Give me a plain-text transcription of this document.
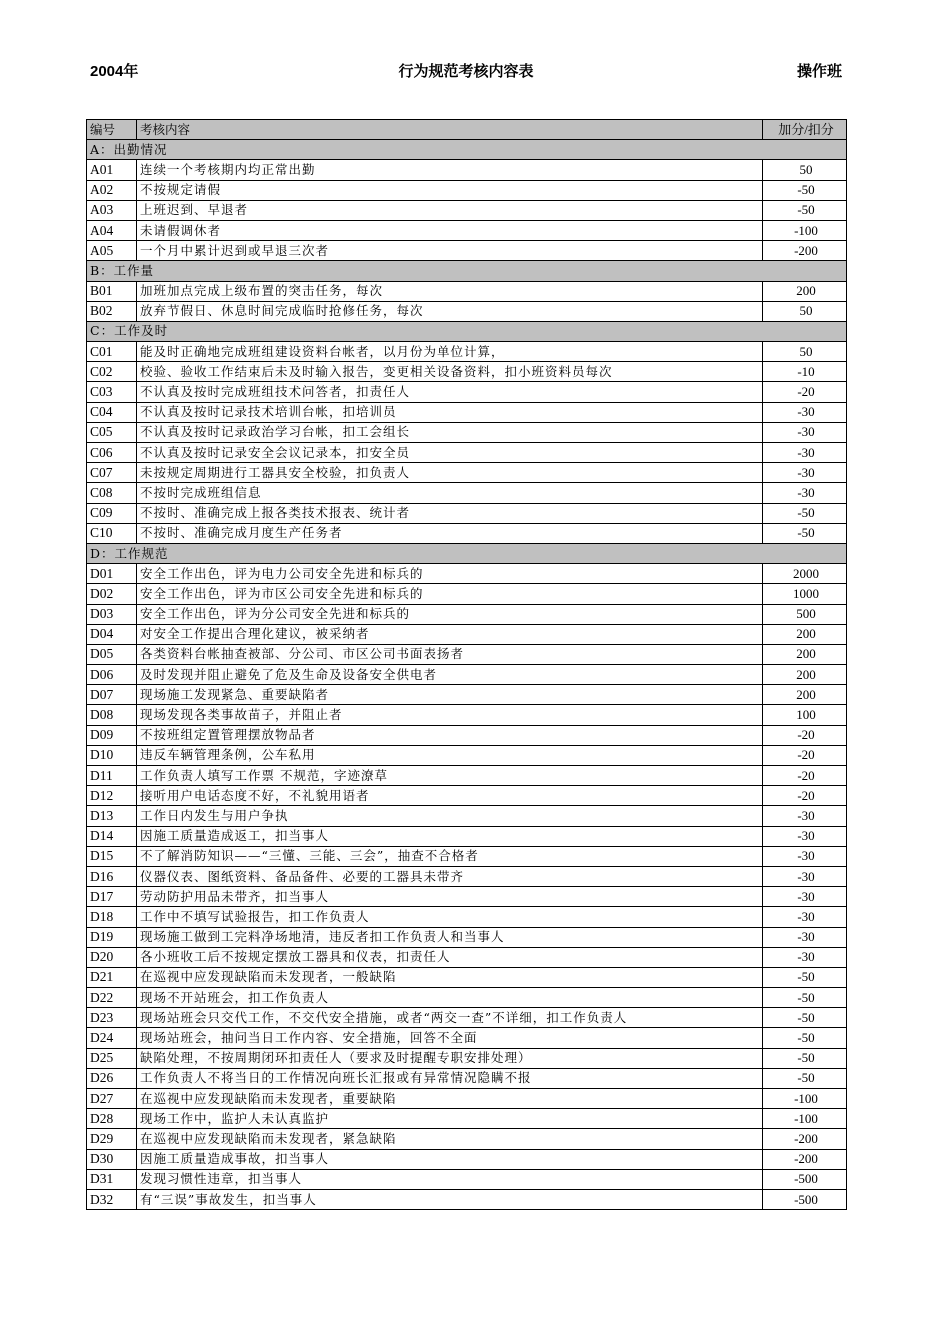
2004年	行为规范考核内容表	操作班
编号	考核内容	加分/扣分
A：出勤情况		
A01	连续一个考核期内均正常出勤	50
A02	不按规定请假	-50
A03	上班迟到、早退者	-50
A04	未请假调休者	-100
A05	一个月中累计迟到或早退三次者	-200
B：工作量		
B01	加班加点完成上级布置的突击任务，每次	200
B02	放弃节假日、休息时间完成临时抢修任务，每次	50
C：工作及时		
C01	能及时正确地完成班组建设资料台帐者，以月份为单位计算，	50
C02	校验、验收工作结束后未及时输入报告，变更相关设备资料，扣小班资料员每次	-10
C03	不认真及按时完成班组技术问答者，扣责任人	-20
C04	不认真及按时记录技术培训台帐，扣培训员	-30
C05	不认真及按时记录政治学习台帐，扣工会组长	-30
C06	不认真及按时记录安全会议记录本，扣安全员	-30
C07	未按规定周期进行工器具安全校验，扣负责人	-30
C08	不按时完成班组信息	-30
C09	不按时、准确完成上报各类技术报表、统计者	-50
C10	不按时、准确完成月度生产任务者	-50
D：工作规范		
D01	安全工作出色，评为电力公司安全先进和标兵的	2000
D02	安全工作出色，评为市区公司安全先进和标兵的	1000
D03	安全工作出色，评为分公司安全先进和标兵的	500
D04	对安全工作提出合理化建议，被采纳者	200
D05	各类资料台帐抽查被部、分公司、市区公司书面表扬者	200
D06	及时发现并阻止避免了危及生命及设备安全供电者	200
D07	现场施工发现紧急、重要缺陷者	200
D08	现场发现各类事故苗子，并阻止者	100
D09	不按班组定置管理摆放物品者	-20
D10	违反车辆管理条例，公车私用	-20
D11	工作负责人填写工作票 不规范，字迹潦草	-20
D12	接听用户电话态度不好，不礼貌用语者	-20
D13	工作日内发生与用户争执	-30
D14	因施工质量造成返工，扣当事人	-30
D15	不了解消防知识——“三懂、三能、三会”，抽查不合格者	-30
D16	仪器仪表、图纸资料、备品备件、必要的工器具未带齐	-30
D17	劳动防护用品未带齐，扣当事人	-30
D18	工作中不填写试验报告，扣工作负责人	-30
D19	现场施工做到工完料净场地清，违反者扣工作负责人和当事人	-30
D20	各小班收工后不按规定摆放工器具和仪表，扣责任人	-30
D21	在巡视中应发现缺陷而未发现者，一般缺陷	-50
D22	现场不开站班会，扣工作负责人	-50
D23	现场站班会只交代工作，不交代安全措施，或者“两交一查”不详细，扣工作负责人	-50
D24	现场站班会，抽问当日工作内容、安全措施，回答不全面	-50
D25	缺陷处理，不按周期闭环扣责任人（要求及时提醒专职安排处理）	-50
D26	工作负责人不将当日的工作情况向班长汇报或有异常情况隐瞒不报	-50
D27	在巡视中应发现缺陷而未发现者，重要缺陷	-100
D28	现场工作中，监护人未认真监护	-100
D29	在巡视中应发现缺陷而未发现者，紧急缺陷	-200
D30	因施工质量造成事故，扣当事人	-200
D31	发现习惯性违章，扣当事人	-500
D32	有“三误”事故发生，扣当事人	-500
